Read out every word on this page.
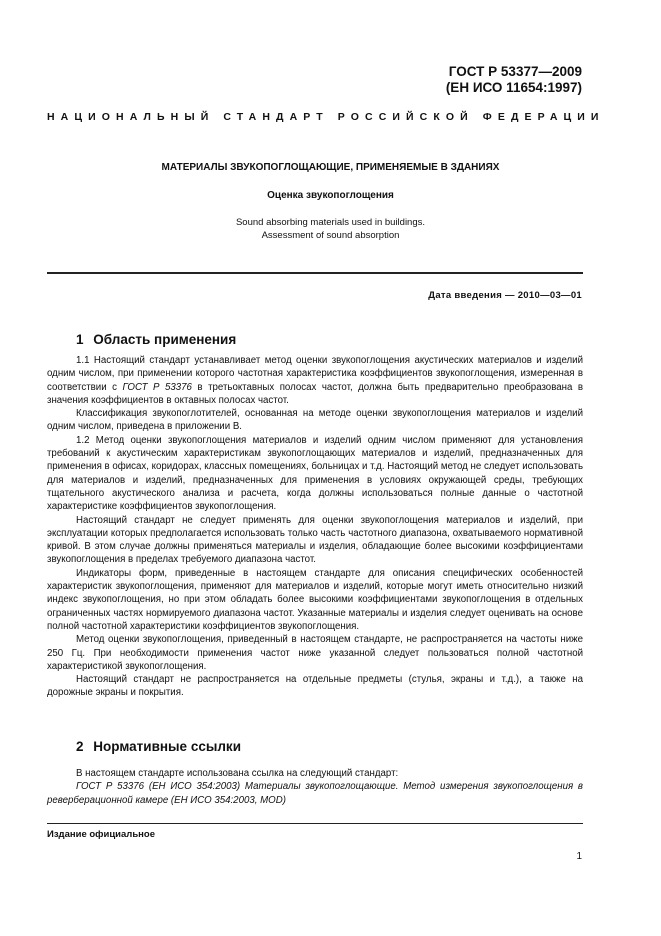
ГОСТ Р 53377—2009
(ЕН ИСО 11654:1997)
НАЦИОНАЛЬНЫЙ СТАНДАРТ РОССИЙСКОЙ ФЕДЕРАЦИИ
МАТЕРИАЛЫ ЗВУКОПОГЛОЩАЮЩИЕ, ПРИМЕНЯЕМЫЕ В ЗДАНИЯХ
Оценка звукопоглощения
Sound absorbing materials used in buildings.
Assessment of sound absorption
Дата введения — 2010—03—01
1 Область применения

1.1 Настоящий стандарт устанавливает метод оценки звукопоглощения акустических материалов и изделий одним числом, при применении которого частотная характеристика коэффициентов звукопоглощения, измеренная в соответствии с ГОСТ Р 53376 в третьоктавных полосах частот, должна быть предварительно преобразована в значения коэффициентов в октавных полосах частот.

Классификация звукопоглотителей, основанная на методе оценки звукопоглощения материалов и изделий одним числом, приведена в приложении В.

1.2 Метод оценки звукопоглощения материалов и изделий одним числом применяют для установления требований к акустическим характеристикам звукопоглощающих материалов и изделий, предназначенных для применения в офисах, коридорах, классных помещениях, больницах и т.д. Настоящий метод не следует использовать для материалов и изделий, предназначенных для применения в условиях окружающей среды, требующих тщательного акустического анализа и расчета, когда должны использоваться полные данные о частотной характеристике коэффициентов звукопоглощения.

Настоящий стандарт не следует применять для оценки звукопоглощения материалов и изделий, при эксплуатации которых предполагается использовать только часть частотного диапазона, охватываемого нормативной кривой. В этом случае должны применяться материалы и изделия, обладающие более высокими коэффициентами звукопоглощения в пределах требуемого диапазона частот.

Индикаторы форм, приведенные в настоящем стандарте для описания специфических особенностей характеристик звукопоглощения, применяют для материалов и изделий, которые могут иметь относительно низкий индекс звукопоглощения, но при этом обладать более высокими коэффициентами звукопоглощения в отдельных ограниченных частях нормируемого диапазона частот. Указанные материалы и изделия следует оценивать на основе полной частотной характеристики коэффициентов звукопоглощения.

Метод оценки звукопоглощения, приведенный в настоящем стандарте, не распространяется на частоты ниже 250 Гц. При необходимости применения частот ниже указанной следует пользоваться полной частотной характеристикой звукопоглощения.

Настоящий стандарт не распространяется на отдельные предметы (стулья, экраны и т.д.), а также на дорожные экраны и покрытия.

2 Нормативные ссылки

В настоящем стандарте использована ссылка на следующий стандарт:

ГОСТ Р 53376 (ЕН ИСО 354:2003) Материалы звукопоглощающие. Метод измерения звукопоглощения в реверберационной камере (ЕН ИСО 354:2003, MOD)

Издание официальное
1
